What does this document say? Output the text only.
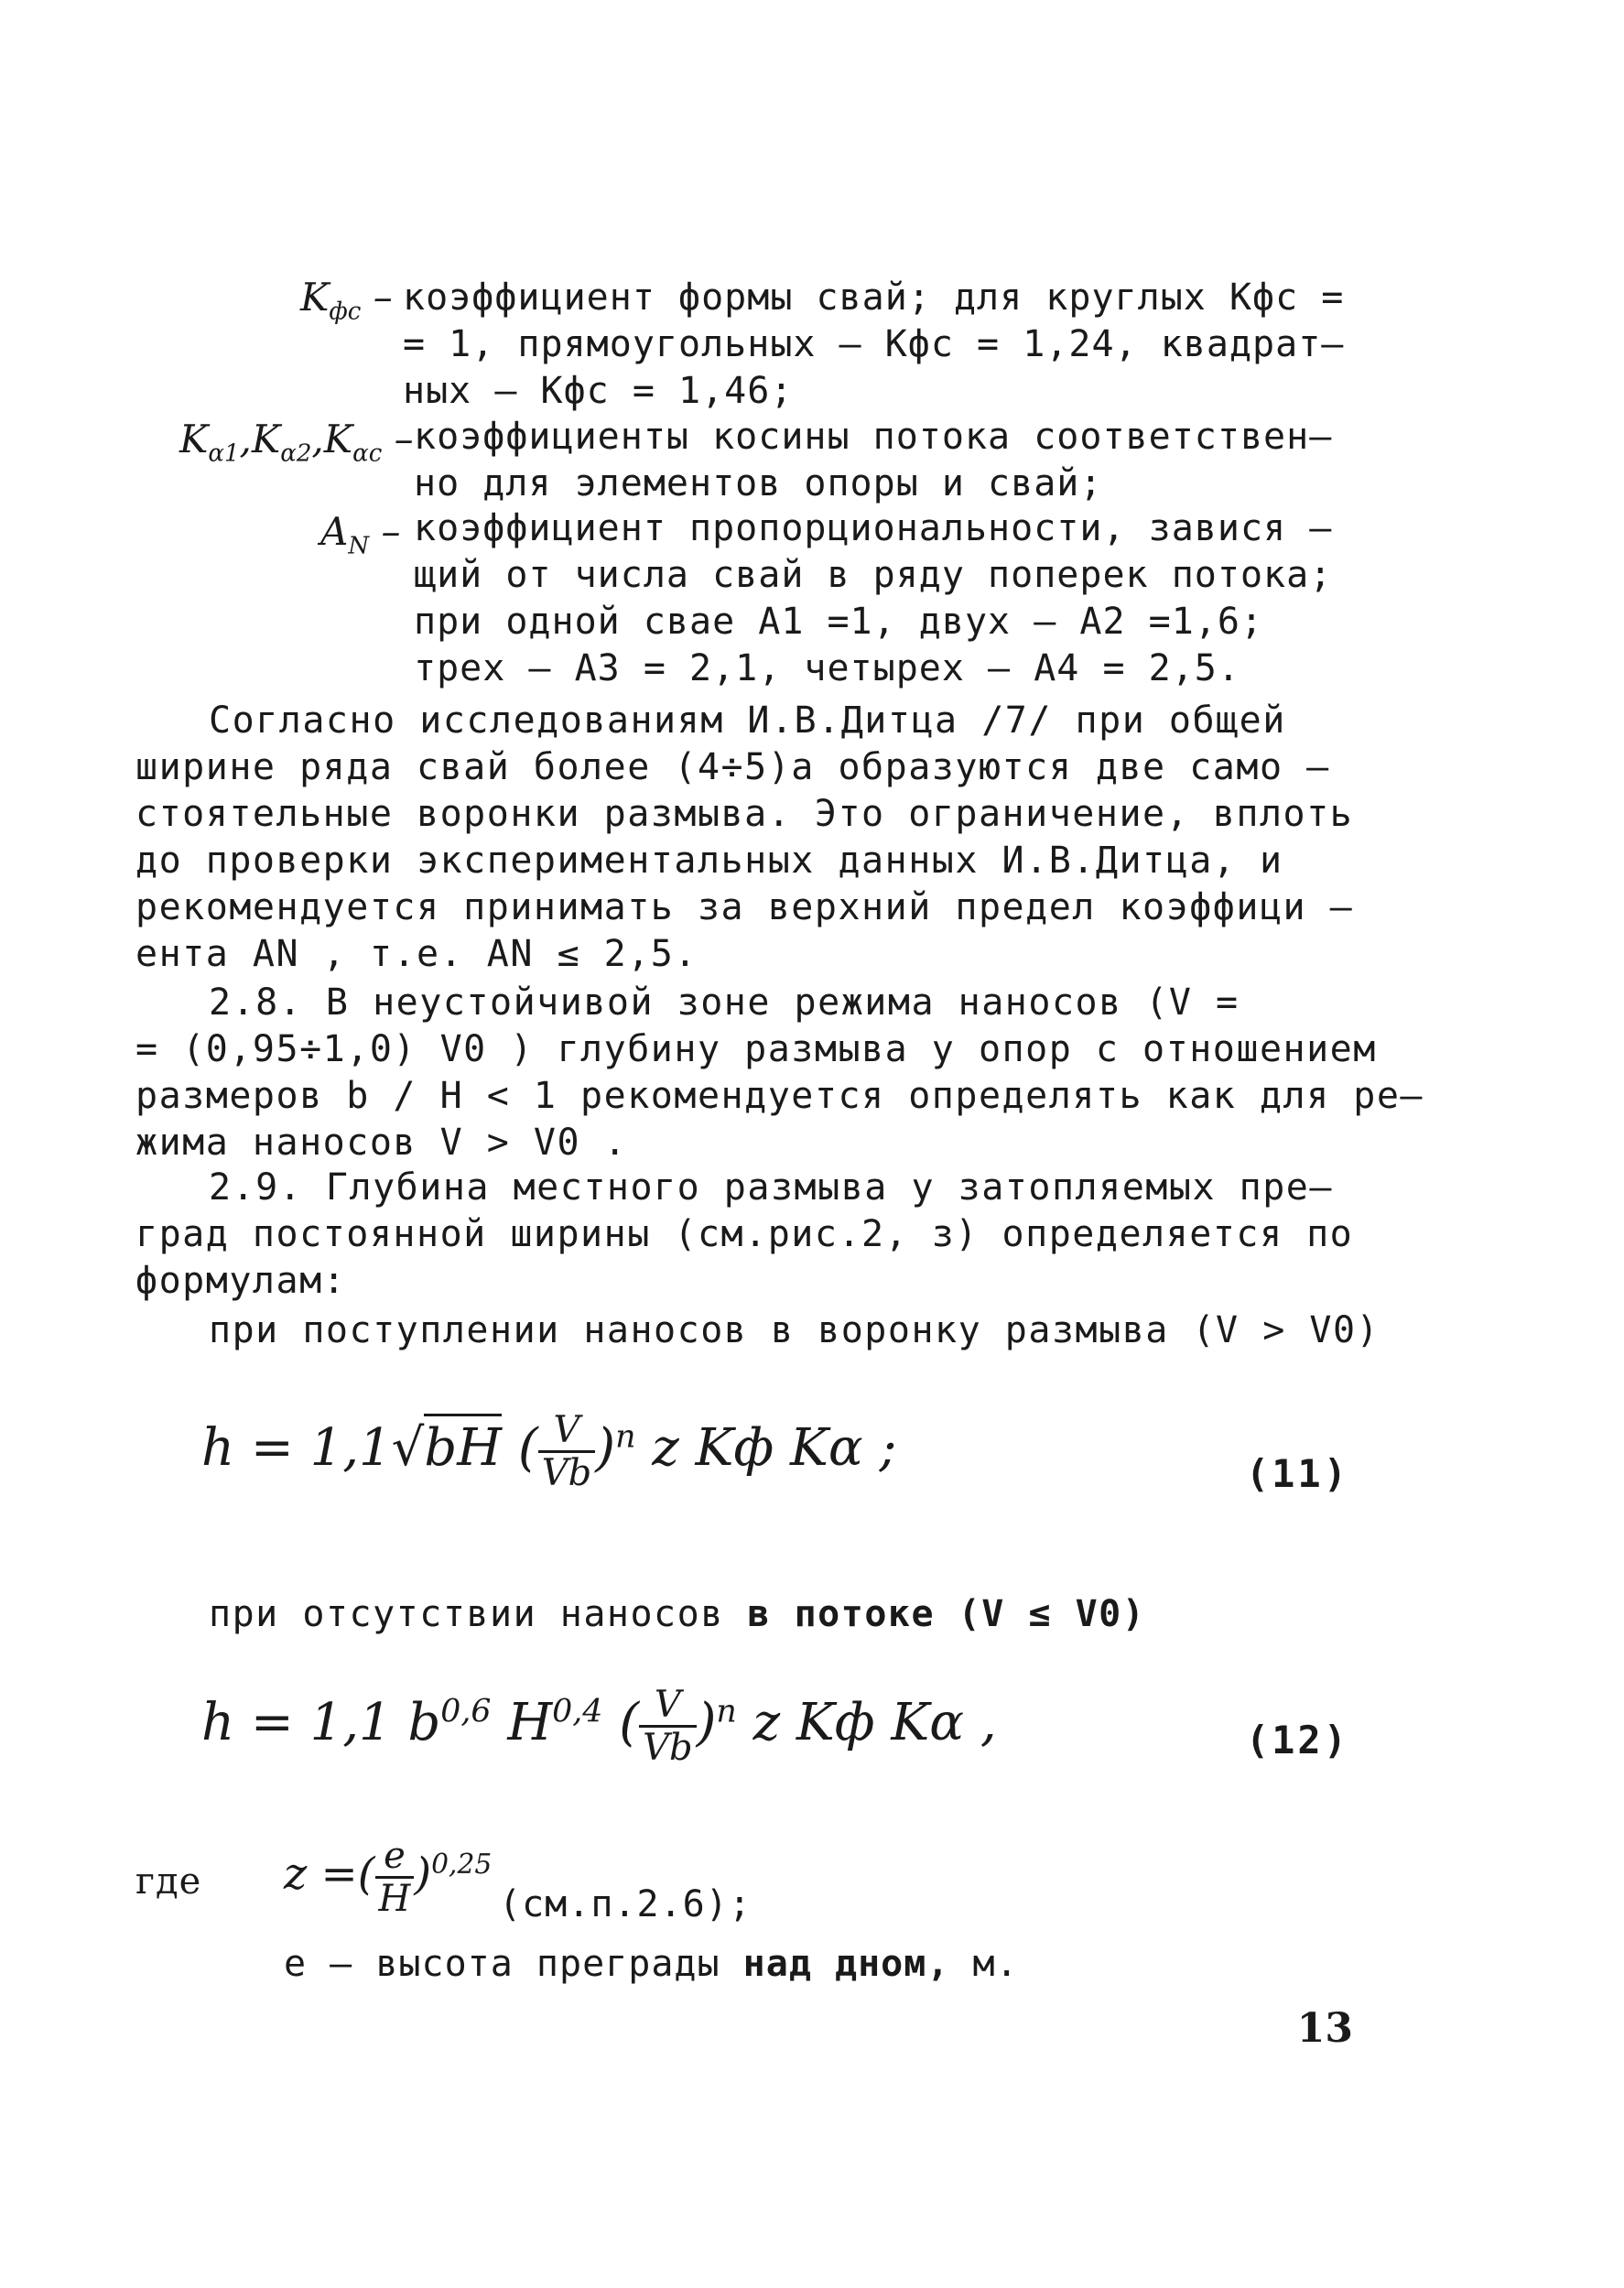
$K_{фс}$ – коэффициент формы свай; для круглых Kфс =
= 1, прямоугольных – Kфс = 1,24, квадрат–
ных – Kфс = 1,46;
$K_{\alpha 1},K_{\alpha 2},K_{\alpha c}$ – коэффициенты косины потока соответствен–
но для элементов опоры и свай;
$A_N$ – коэффициент пропорциональности, завися –
щий от числа свай в ряду поперек потока;
при одной свае A1 =1, двух – A2 =1,6;
трех – A3 = 2,1, четырех – A4 = 2,5.
Согласно исследованиям И.В.Дитца /7/ при общей
ширине ряда свай более (4÷5)a образуются две само –
стоятельные воронки размыва. Это ограничение, вплоть
до проверки экспериментальных данных И.В.Дитца, и
рекомендуется принимать за верхний предел коэффици –
ента AN , т.е. AN ≤ 2,5.
2.8. В неустойчивой зоне режима наносов (V =
= (0,95÷1,0) V0 ) глубину размыва у опор с отношением
размеров b / H < 1 рекомендуется определять как для ре–
жима наносов V > V0 .
2.9. Глубина местного размыва у затопляемых пре–
град постоянной ширины (см.рис.2, з) определяется по
формулам:
при поступлении наносов в воронку размыва (V > V0)
h = 1,1√bH ( $\frac{V}{Vb} )^n$ z Kф Kα ;	(11)
при отсутствии наносов в потоке (V ≤ V0)
h = 1,1 $b^{0,6}$ H$^{0,4}$ ( $\frac{V}{Vb} )^n$ z Kф Kα ,	(12)
где z =( $\frac{e}{H} )^{0,25}$
(см.п.2.6);
e – высота преграды над дном, м.
13
